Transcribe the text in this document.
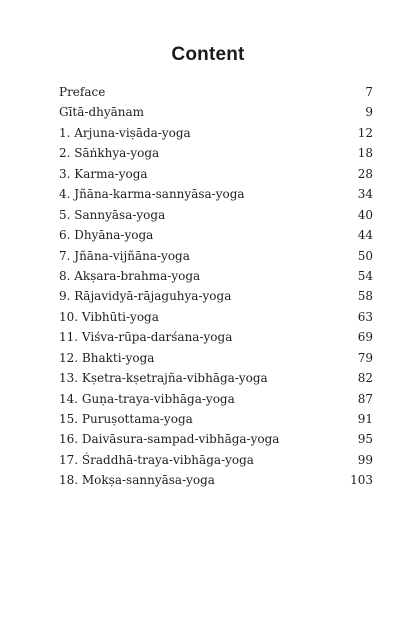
Content
Preface	7
Gītā-dhyānam	9
1. Arjuna-viṣāda-yoga	12
2. Sāṅkhya-yoga	18
3. Karma-yoga	28
4. Jñāna-karma-sannyāsa-yoga	34
5. Sannyāsa-yoga	40
6. Dhyāna-yoga	44
7. Jñāna-vijñāna-yoga	50
8. Akṣara-brahma-yoga	54
9. Rājavidyā-rājaguhya-yoga	58
10. Vibhūti-yoga	63
11. Viśva-rūpa-darśana-yoga	69
12. Bhakti-yoga	79
13. Kṣetra-kṣetrajña-vibhāga-yoga	82
14. Guṇa-traya-vibhāga-yoga	87
15. Puruṣottama-yoga	91
16. Daivāsura-sampad-vibhāga-yoga	95
17. Śraddhā-traya-vibhāga-yoga	99
18. Mokṣa-sannyāsa-yoga	103
